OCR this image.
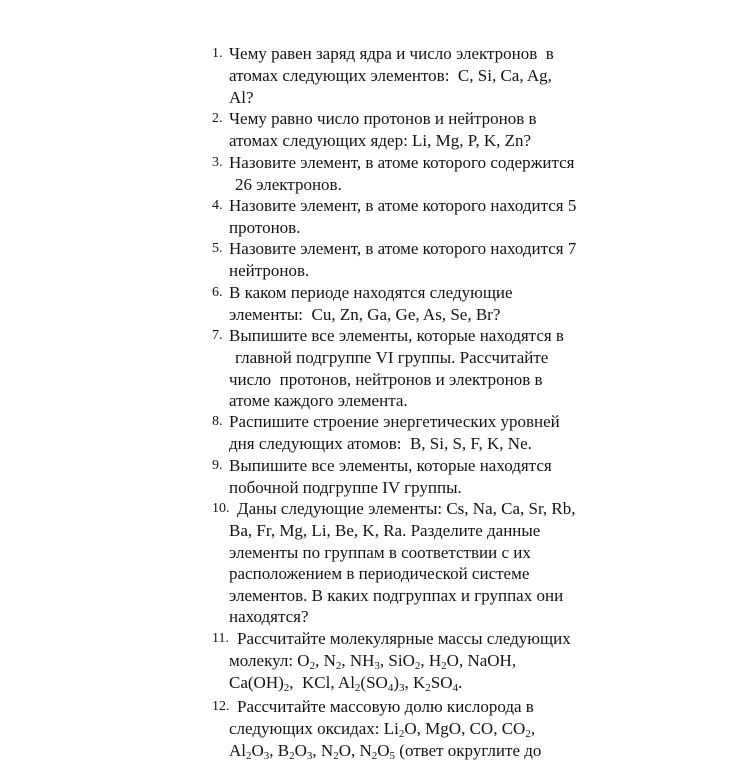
1. Чему равен заряд ядра и число электронов  в
атомах следующих элементов:  C, Si, Ca, Ag,
Al?
2. Чему равно число протонов и нейтронов в
атомах следующих ядер: Li, Mg, P, K, Zn?
3. Назовите элемент, в атоме которого содержится
26 электронов.
4. Назовите элемент, в атоме которого находится 5
протонов.
5. Назовите элемент, в атоме которого находится 7
нейтронов.
6. В каком периоде находятся следующие
элементы:  Cu, Zn, Ga, Ge, As, Se, Br?
7. Выпишите все элементы, которые находятся в
главной подгруппе VI группы. Рассчитайте
число  протонов, нейтронов и электронов в
атоме каждого элемента.
8. Распишите строение энергетических уровней
дня следующих атомов:  B, Si, S, F, K, Ne.
9. Выпишите все элементы, которые находятся
побочной подгруппе IV группы.
10. Даны следующие элементы: Cs, Na, Ca, Sr, Rb,
Ba, Fr, Mg, Li, Be, K, Ra. Разделите данные
элементы по группам в соответствии с их
расположением в периодической системе
элементов. В каких подгруппах и группах они
находятся?
11. Рассчитайте молекулярные массы следующих
молекул: $O_2$, $N_2$, $NH_3$, SiO$_2$, $H_2O$, NaOH,
$Ca(OH)_2$,  KCl, $Al_2(SO_4)_3$, $K_2SO_4$.
12. Рассчитайте массовую долю кислорода в
следующих оксидах: $Li_2O$, MgO, CO, $CO_2$,
$Al_2O_3$, $B_2O_3$, $N_2O$, $N_2O_5$ (ответ округлите до
